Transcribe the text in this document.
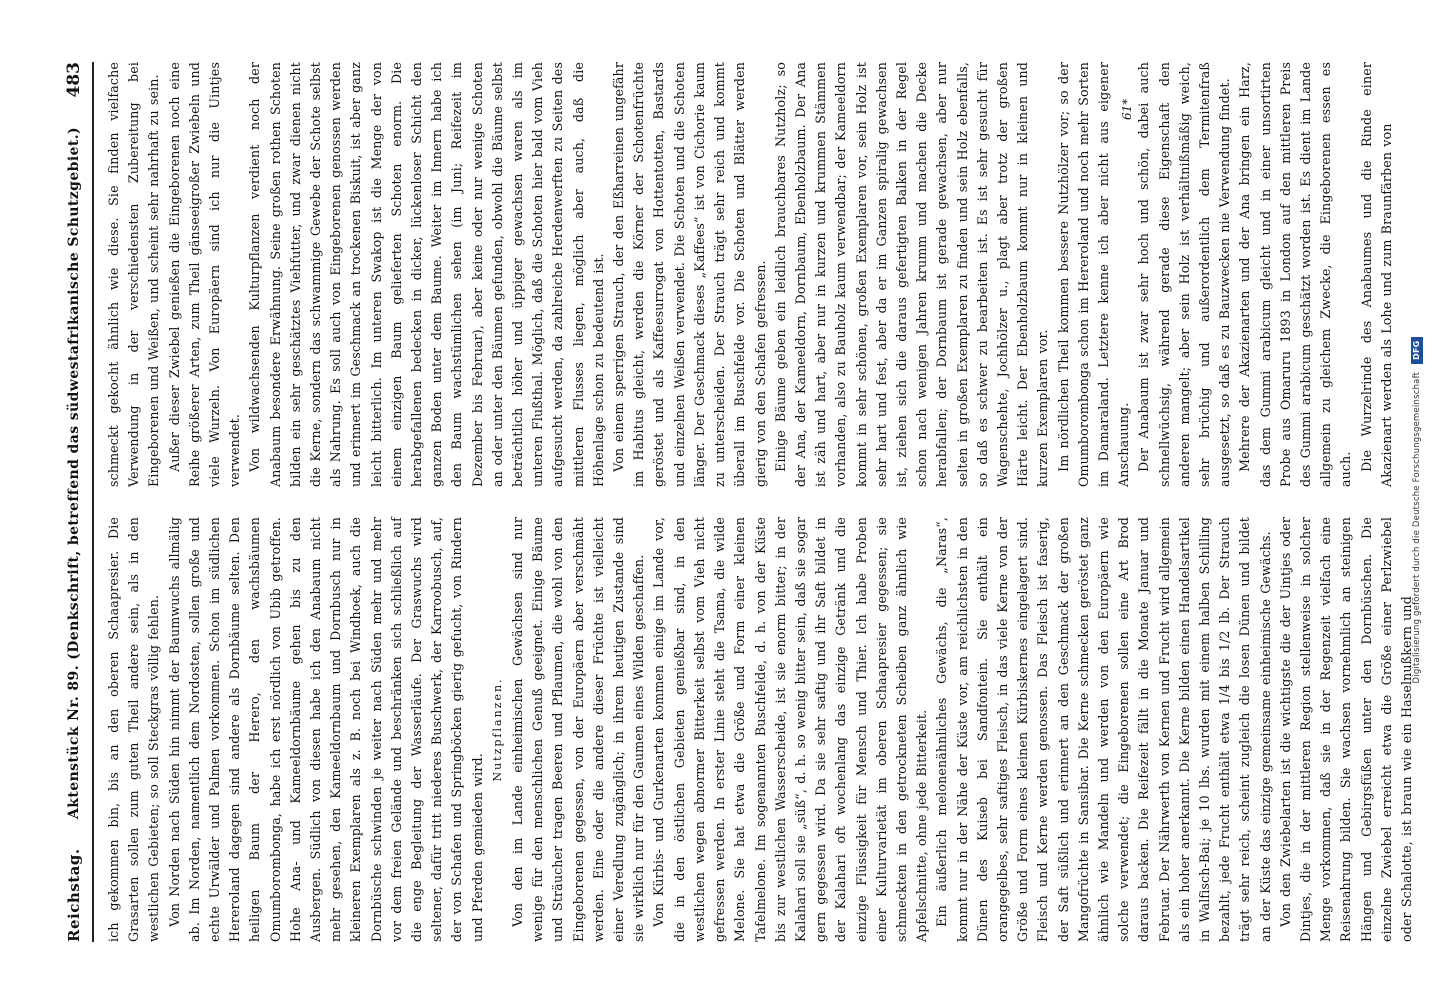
Reichstag.
Aktenstück Nr. 89. (Denkschrift, betreffend das südwestafrikanische Schutzgebiet.)
483

ich gekommen bin, bis an den oberen Schaapresier. Die Grasarten sollen zum guten Theil andere sein, als in den westlichen Gebieten; so soll Steckgras völlig fehlen. Von Norden nach Süden hin nimmt der Baumwuchs allmälig ab. Im Norden, namentlich dem Nordosten, sollen große und echte Urwälder und Palmen vorkommen. Schon im südlichen Hereroland dagegen sind andere als Dornbäume selten. Den heiligen Baum der Herero, den wachsbäumen Omumborombonga, habe ich erst nördlich von Ubib getroffen. Hohe Ana- und Kameeldornbäume gehen bis zu den Ausbergen. Südlich von diesen habe ich den Anabaum nicht mehr gesehen, den Kameeldornbaum und Dornbusch nur in kleineren Exemplaren als z. B. noch bei Windhoek, auch die Dornbüsche schwinden je weiter nach Süden mehr und mehr vor dem freien Gelände und beschränken sich schließlich auf die enge Begleitung der Wasserläufe. Der Graswuchs wird seltener, dafür tritt niederes Buschwerk, der Karroobusch, auf, der von Schafen und Springböcken gierig gefucht, von Rindern und Pferden gemieden wird.

Nutzpflanzen. Von den im Lande einheimischen Gewächsen sind nur wenige für den menschlichen Genuß geeignet. Einige Bäume und Sträucher tragen Beeren und Pflaumen, die wohl von den Eingeborenen gegessen, von der Europäern aber verschmäht werden. Eine oder die andere dieser Früchte ist vielleicht einer Veredlung zugänglich; in ihrem heutigen Zustande sind sie wirklich nur für den Gaumen eines Wilden geschaffen. Von Kürbis- und Gurkenarten kommen einige im Lande vor, die in den östlichen Gebieten genießbar sind, in den westlichen wegen abnormer Bitterkeit selbst vom Vieh nicht gefressen werden. In erster Linie steht die Tsama, die wilde Melone. Sie hat etwa die Größe und Form einer kleinen Tafelmelone. Im sogenannten Buschfelde, d. h. von der Küste bis zur westlichen Wasserscheide, ist sie enorm bitter; in der Kalahari soll sie „süß“, d. h. so wenig bitter sein, daß sie sogar gern gegessen wird. Da sie sehr saftig und ihr Saft bildet in der Kalahari oft wochenlang das einzige Getränk und die einzige Flüssigkeit für Mensch und Thier. Ich habe Proben einer Kulturvarietät im oberen Schaapresier gegessen; sie schmeckten in den getrockneten Scheiben ganz ähnlich wie Apfelschnitte, ohne jede Bitterkeit. Ein äußerlich melonenähnliches Gewächs, die „Naras“, kommt nur in der Nähe der Küste vor, am reichlichsten in den Dünen des Kuiseb bei Sandfontein. Sie enthält ein orangegelbes, sehr saftiges Fleisch, in das viele Kerne von der Größe und Form eines kleinen Kürbiskernes eingelagert sind. Fleisch und Kerne werden genossen. Das Fleisch ist faserig, der Saft süßlich und erinnert an den Geschmack der großen Mangofrüchte in Sansibar. Die Kerne schmecken geröstet ganz ähnlich wie Mandeln und werden von den Europäern wie solche verwendet; die Eingeborenen sollen eine Art Brod daraus backen. Die Reifezeit fällt in die Monate Januar und Februar. Der Nährwerth von Kernen und Frucht wird allgemein als ein hoher anerkannt. Die Kerne bilden einen Handelsartikel in Walfisch-Bai; je 10 lbs. wurden mit einem halben Schilling bezahlt, jede Frucht enthält etwa 1/4 bis 1/2 lb. Der Strauch trägt sehr reich, scheint zugleich die losen Dünen und bildet an der Küste das einzige gemeinsame einheimische Gewächs. Von den Zwiebelarten ist die wichtigste die der Uintjes oder Dintjes, die in der mittleren Region stellenweise in solcher Menge vorkommen, daß sie in der Regenzeit vielfach eine Reisenahrung bilden. Sie wachsen vornehmlich an steinigen Hängen und Gebirgsfüßen unter den Dornbüschen. Die einzelne Zwiebel erreicht etwa die Größe einer Perlzwiebel oder Schalotte, ist braun wie ein Haselnußkern und

schmeckt gekocht ähnlich wie diese. Sie finden vielfache Verwendung in der verschiedensten Zubereitung bei Eingeborenen und Weißen, und scheint sehr nahrhaft zu sein. Außer dieser Zwiebel genießen die Eingeborenen noch eine Reihe größerer Arten, zum Theil gänseeigroßer Zwiebeln und viele Wurzeln. Von Europäern sind ich nur die Uintjes verwendet. Von wildwachsenden Kulturpflanzen verdient noch der Anabaum besondere Erwähnung. Seine großen rothen Schoten bilden ein sehr geschätztes Viehfutter, und zwar dienen nicht die Kerne, sondern das schwammige Gewebe der Schote selbst als Nahrung. Es soll auch von Eingeborenen genossen werden und erinnert im Geschmack an trockenen Biskuit, ist aber ganz leicht bitterlich. Im unteren Swakop ist die Menge der von einem einzigen Baum gelieferten Schoten enorm. Die herabgefallenen bedecken in dicker, lückenloser Schicht den ganzen Boden unter dem Baume. Weiter im Innern habe ich den Baum wachstümlichen sehen (im Juni; Reifezeit im Dezember bis Februar), aber keine oder nur wenige Schoten an oder unter den Bäumen gefunden, obwohl die Bäume selbst beträchtlich höher und üppiger gewachsen waren als im unteren Flußthal. Möglich, daß die Schoten hier bald vom Vieh aufgesucht werden, da zahlreiche Herdenwerften zu Seiten des mittleren Flusses liegen, möglich aber auch, daß die Höhenlage schon zu bedeutend ist. Von einem sperrigen Strauch, der den Eßharreinen ungefähr im Habitus gleicht, werden die Körner der Schotenfrüchte geröstet und als Kaffeesurrogat von Hottentotten, Bastards und einzelnen Weißen verwendet. Die Schoten und die Schoten länger. Der Geschmack dieses „Kaffees“ ist von Cichorie kaum zu unterscheiden. Der Strauch trägt sehr reich und kommt überall im Buschfelde vor. Die Schoten und Blätter werden gierig von den Schafen gefressen. Einige Bäume geben ein leidlich brauchbares Nutzholz; so der Ana, der Kameeldorn, Dornbaum, Ebenholzbaum. Der Ana ist zäh und hart, aber nur in kurzen und krummen Stämmen vorhanden, also zu Bauholz kaum verwendbar; der Kameeldorn kommt in sehr schönen, großen Exemplaren vor, sein Holz ist sehr hart und fest, aber da er im Ganzen spiralig gewachsen ist, ziehen sich die daraus gefertigten Balken in der Regel schon nach wenigen Jahren krumm und machen die Decke herabfallen; der Dornbaum ist gerade gewachsen, aber nur selten in großen Exemplaren zu finden und sein Holz ebenfalls, so daß es schwer zu bearbeiten ist. Es ist sehr gesucht für Wagenschehte, Jochhölzer u., plagt aber trotz der großen Härte leicht. Der Ebenholzbaum kommt nur in kleinen und kurzen Exemplaren vor. Im nördlichen Theil kommen bessere Nutzhölzer vor; so der Omumborombonga schon im Hereroland und noch mehr Sorten im Damaraland. Letztere kenne ich aber nicht aus eigener Anschauung. Der Anabaum ist zwar sehr hoch und schön, dabei auch schnellwüchsig, während gerade diese Eigenschaft den anderen mangelt; aber sein Holz ist verhältnißmäßig weich, sehr brüchig und außerordentlich dem Termitenfraß ausgesetzt, so daß es zu Bauzwecken nie Verwendung findet. Mehrere der Akazienarten und der Ana bringen ein Harz, das dem Gummi arabicum gleicht und in einer unsortirten Probe aus Omaruru 1893 in London auf den mittleren Preis des Gummi arabicum geschätzt worden ist. Es dient im Lande allgemein zu gleichem Zwecke, die Eingeborenen essen es auch. Die Wurzelrinde des Anabaumes und die Rinde einer Akazienart werden als Lohe und zum Braunfärben von

61*
Digitalisierung gefördert durch die Deutsche Forschungsgemeinschaft
DFG
